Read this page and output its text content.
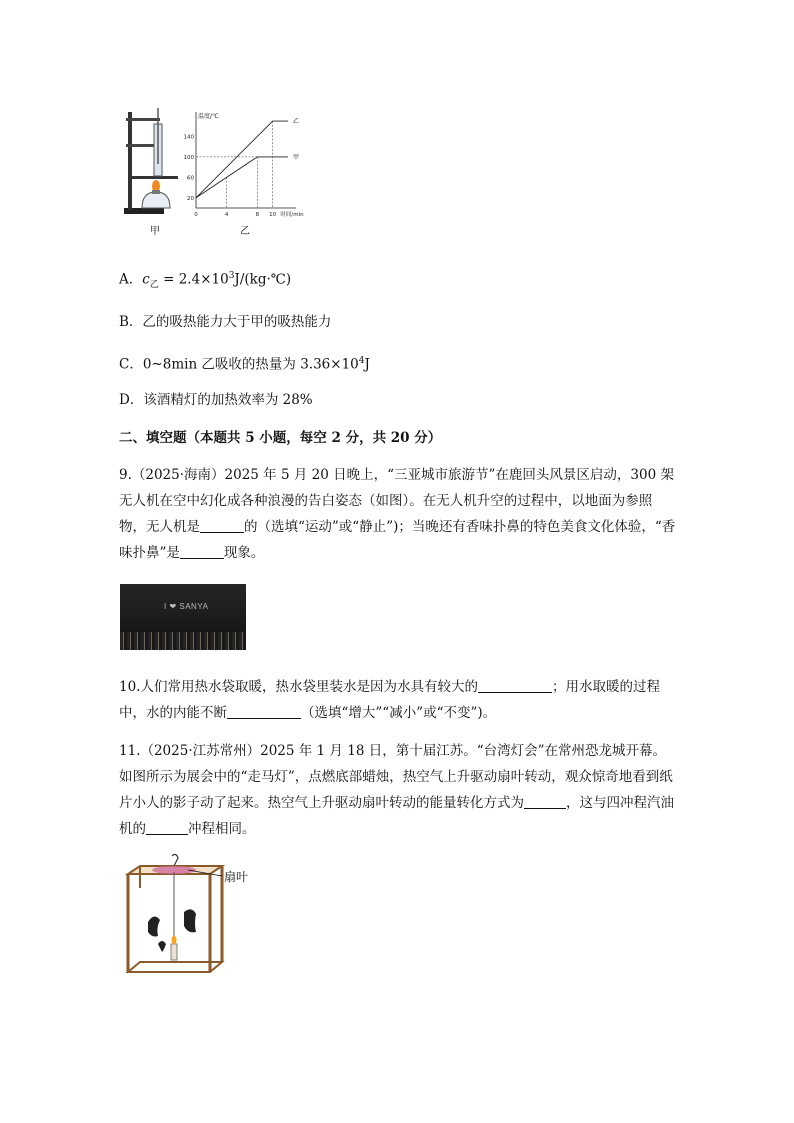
甲
温度/℃
时间/min
0	4	8 10
20
60
100
140
甲
乙
乙
A．$c_乙$ = $2.4\times 10^3J/(kg\cdot℃)$
B．乙的吸热能力大于甲的吸热能力
C．0~8min 乙吸收的热量为 $3.36\times 10^4J$
D．该酒精灯的加热效率为 28%
二、填空题（本题共 5 小题，每空 2 分，共 20 分）
9.（2025·海南）2025 年 5 月 20 日晚上，“三亚城市旅游节”在鹿回头风景区启动，300 架无人机在空中幻化成各种浪漫的告白姿态（如图）。在无人机升空的过程中，以地面为参照物，无人机是	的（选填“运动”或“静止”)；当晚还有香味扑鼻的特色美食文化体验，“香味扑鼻”是	现象。
I ❤ SANYA
10.人们常用热水袋取暖，热水袋里装水是因为水具有较大的	；用水取暖的过程中，水的内能不断	（选填“增大”“减小”或“不变”)。
11.（2025·江苏常州）2025 年 1 月 18 日，第十届江苏。“台湾灯会”在常州恐龙城开幕。如图所示为展会中的“走马灯”，点燃底部蜡烛，热空气上升驱动扇叶转动，观众惊奇地看到纸片小人的影子动了起来。热空气上升驱动扇叶转动的能量转化方式为	，这与四冲程汽油机的	冲程相同。
扇叶
